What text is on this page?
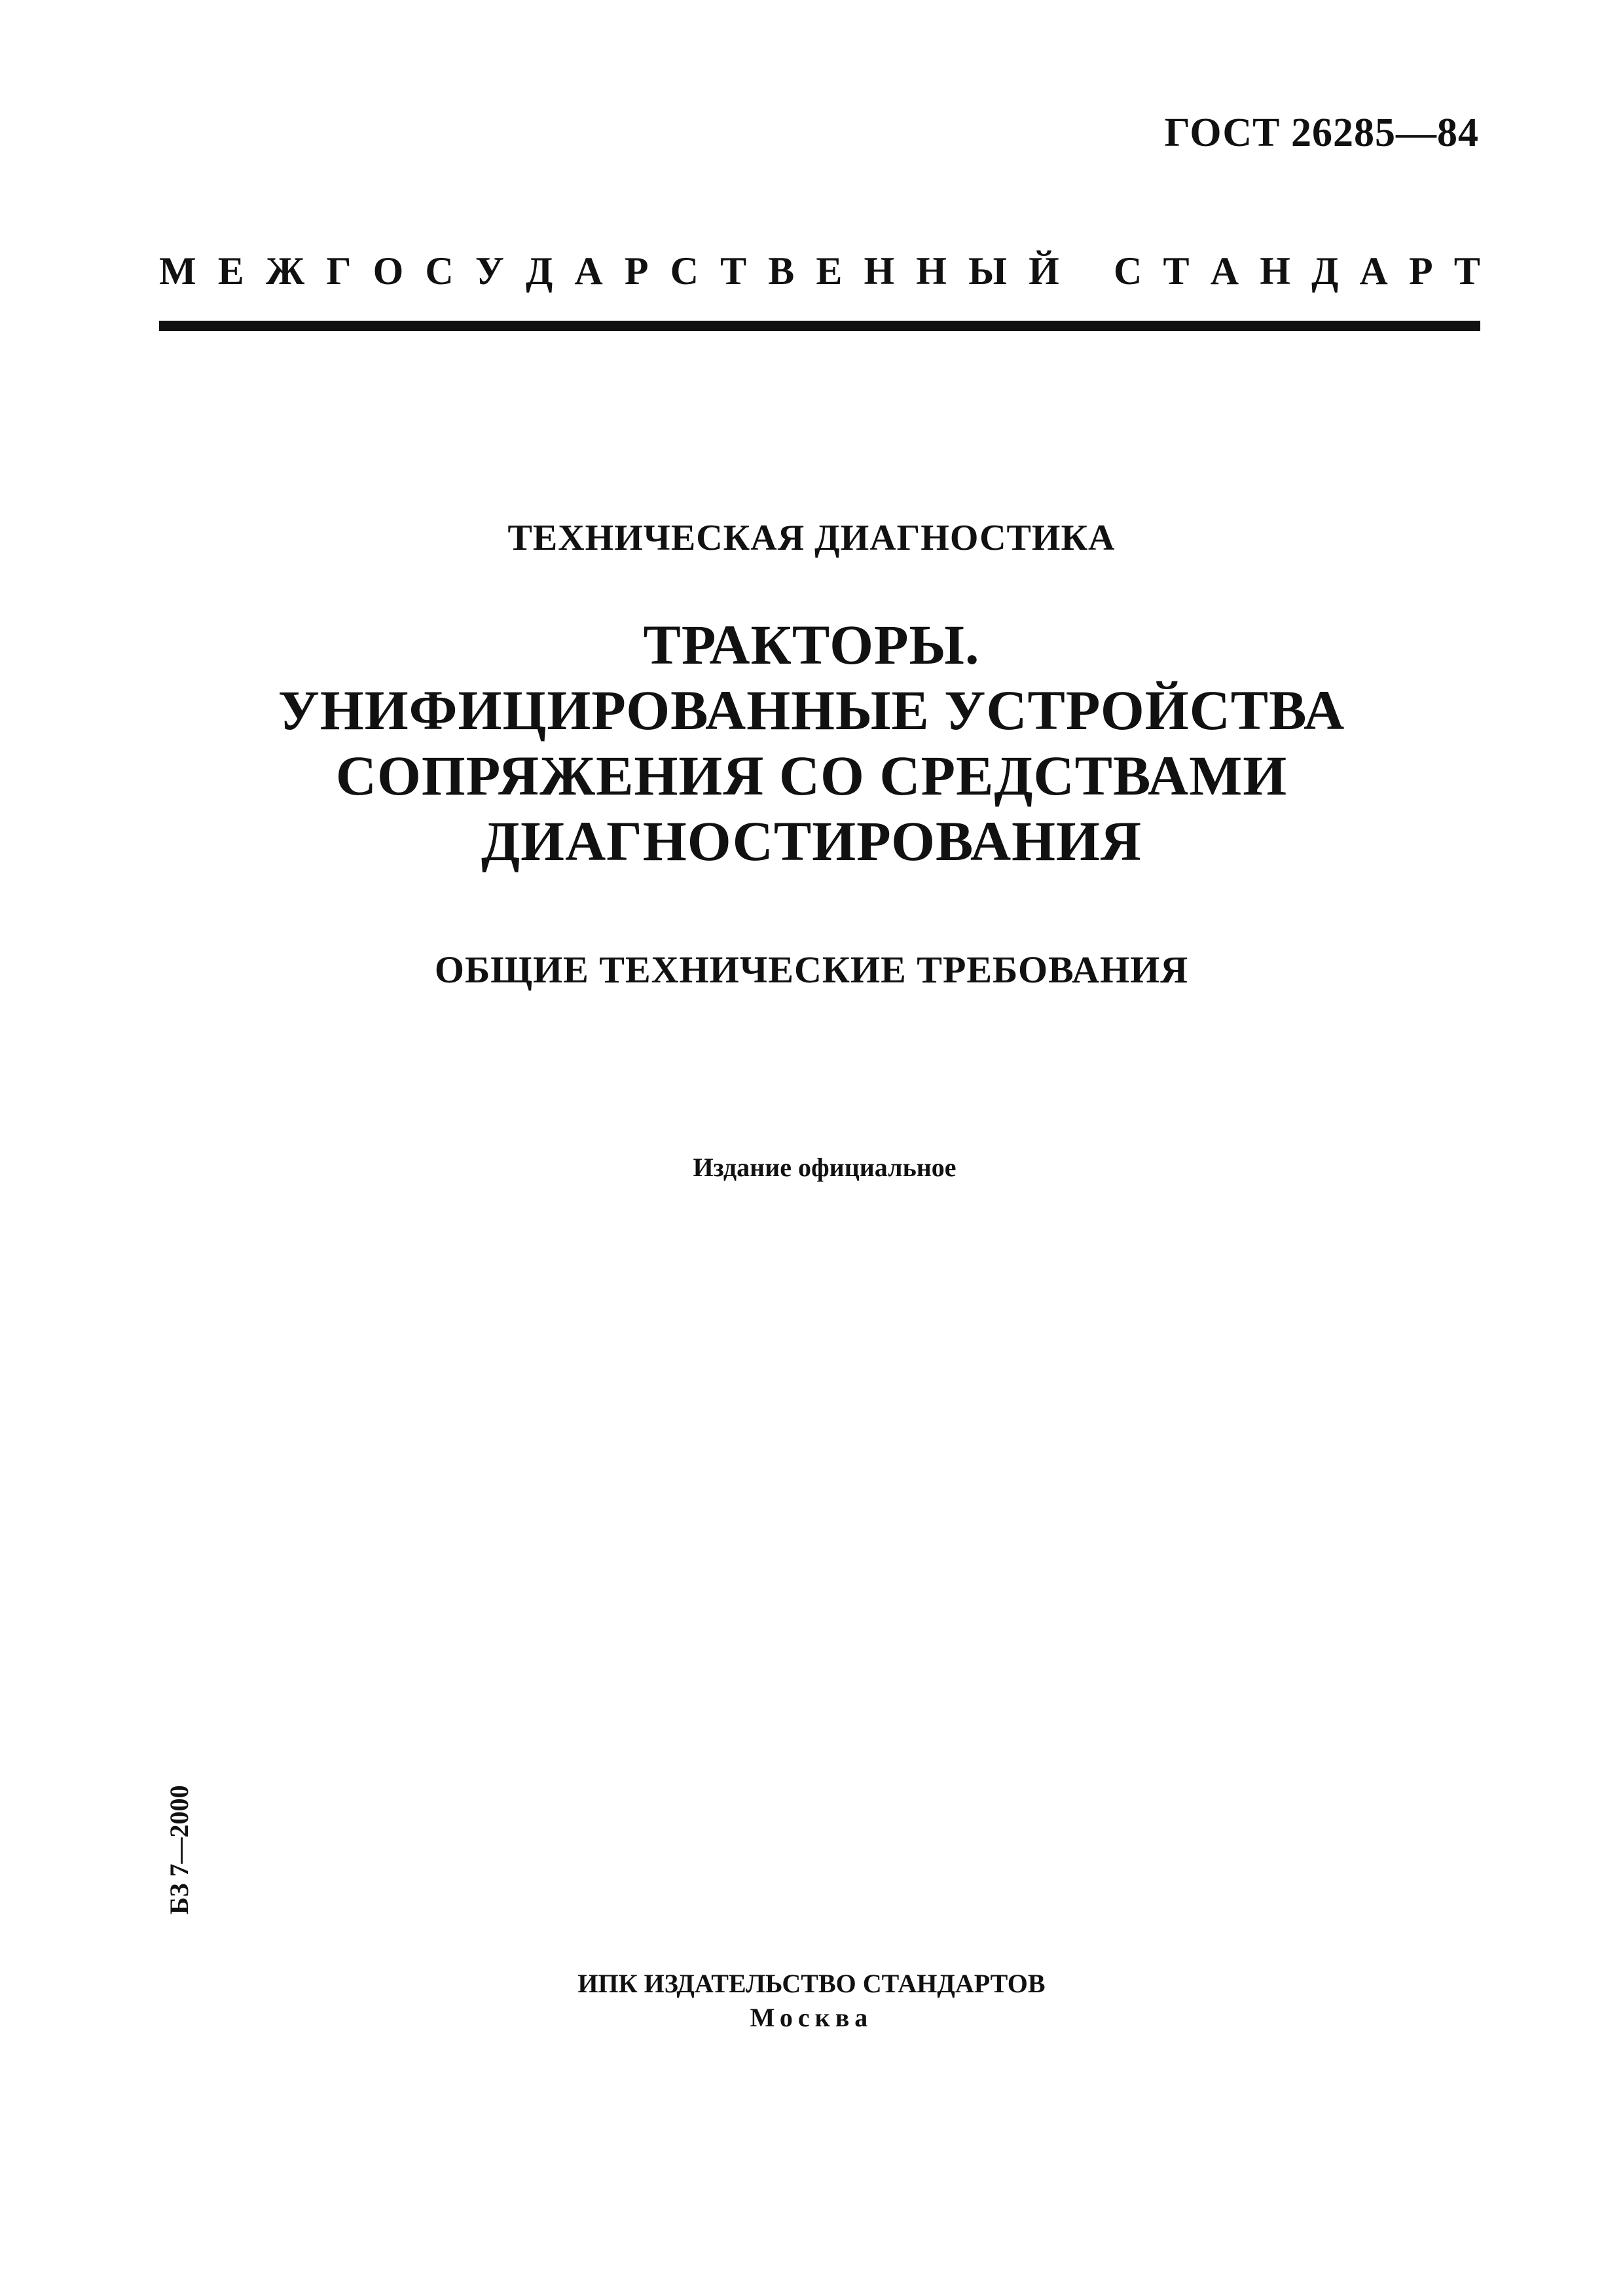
ГОСТ 26285—84
М Е Ж Г О С У Д А Р С Т В Е Н Н Ы Й С Т А Н Д А Р Т
ТЕХНИЧЕСКАЯ ДИАГНОСТИКА
ТРАКТОРЫ.
УНИФИЦИРОВАННЫЕ УСТРОЙСТВА
СОПРЯЖЕНИЯ СО СРЕДСТВАМИ
ДИАГНОСТИРОВАНИЯ
ОБЩИЕ ТЕХНИЧЕСКИЕ ТРЕБОВАНИЯ
Издание официальное
БЗ 7—2000
ИПК ИЗДАТЕЛЬСТВО СТАНДАРТОВ
Москва
